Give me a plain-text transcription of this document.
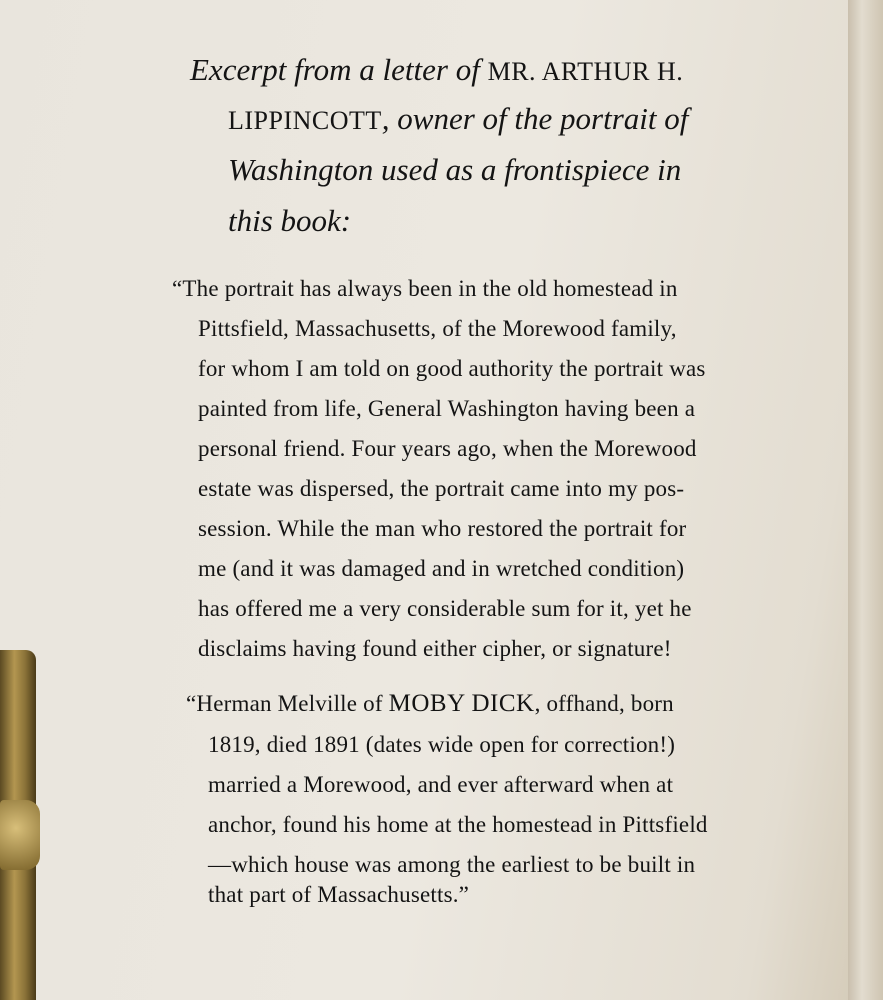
Excerpt from a letter of MR. ARTHUR H.
LIPPINCOTT, owner of the portrait of
Washington used as a frontispiece in
this book:
“The portrait has always been in the old homestead in
Pittsfield, Massachusetts, of the Morewood family,
for whom I am told on good authority the portrait was
painted from life, General Washington having been a
personal friend. Four years ago, when the Morewood
estate was dispersed, the portrait came into my pos-
session. While the man who restored the portrait for
me (and it was damaged and in wretched condition)
has offered me a very considerable sum for it, yet he
disclaims having found either cipher, or signature!
“Herman Melville of MOBY DICK, offhand, born
1819, died 1891 (dates wide open for correction!)
married a Morewood, and ever afterward when at
anchor, found his home at the homestead in Pittsfield
—which house was among the earliest to be built in
that part of Massachusetts.”
